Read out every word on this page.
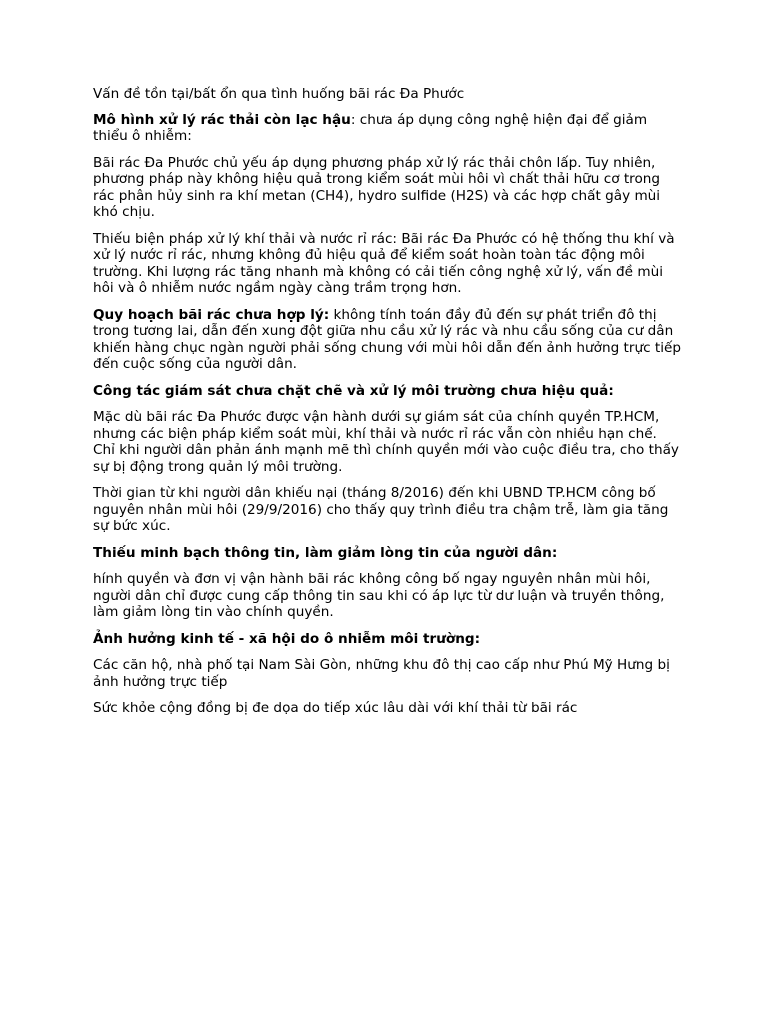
Vấn đề tồn tại/bất ổn qua tình huống bãi rác Đa Phước

Mô hình xử lý rác thải còn lạc hậu: chưa áp dụng công nghệ hiện đại để giảm thiểu ô nhiễm:

Bãi rác Đa Phước chủ yếu áp dụng phương pháp xử lý rác thải chôn lấp. Tuy nhiên, phương pháp này không hiệu quả trong kiểm soát mùi hôi vì chất thải hữu cơ trong rác phân hủy sinh ra khí metan (CH4), hydro sulfide (H2S) và các hợp chất gây mùi khó chịu.

Thiếu biện pháp xử lý khí thải và nước rỉ rác: Bãi rác Đa Phước có hệ thống thu khí và xử lý nước rỉ rác, nhưng không đủ hiệu quả để kiểm soát hoàn toàn tác động môi trường. Khi lượng rác tăng nhanh mà không có cải tiến công nghệ xử lý, vấn đề mùi hôi và ô nhiễm nước ngầm ngày càng trầm trọng hơn.

Quy hoạch bãi rác chưa hợp lý: không tính toán đầy đủ đến sự phát triển đô thị trong tương lai, dẫn đến xung đột giữa nhu cầu xử lý rác và nhu cầu sống của cư dân khiến hàng chục ngàn người phải sống chung với mùi hôi dẫn đến ảnh hưởng trực tiếp đến cuộc sống của người dân.

Công tác giám sát chưa chặt chẽ và xử lý môi trường chưa hiệu quả:

Mặc dù bãi rác Đa Phước được vận hành dưới sự giám sát của chính quyền TP.HCM, nhưng các biện pháp kiểm soát mùi, khí thải và nước rỉ rác vẫn còn nhiều hạn chế. Chỉ khi người dân phản ánh mạnh mẽ thì chính quyền mới vào cuộc điều tra, cho thấy sự bị động trong quản lý môi trường.

Thời gian từ khi người dân khiếu nại (tháng 8/2016) đến khi UBND TP.HCM công bố nguyên nhân mùi hôi (29/9/2016) cho thấy quy trình điều tra chậm trễ, làm gia tăng sự bức xúc.

Thiếu minh bạch thông tin, làm giảm lòng tin của người dân:

hính quyền và đơn vị vận hành bãi rác không công bố ngay nguyên nhân mùi hôi, người dân chỉ được cung cấp thông tin sau khi có áp lực từ dư luận và truyền thông, làm giảm lòng tin vào chính quyền.

Ảnh hưởng kinh tế - xã hội do ô nhiễm môi trường:

Các căn hộ, nhà phố tại Nam Sài Gòn, những khu đô thị cao cấp như Phú Mỹ Hưng bị ảnh hưởng trực tiếp

Sức khỏe cộng đồng bị đe dọa do tiếp xúc lâu dài với khí thải từ bãi rác
